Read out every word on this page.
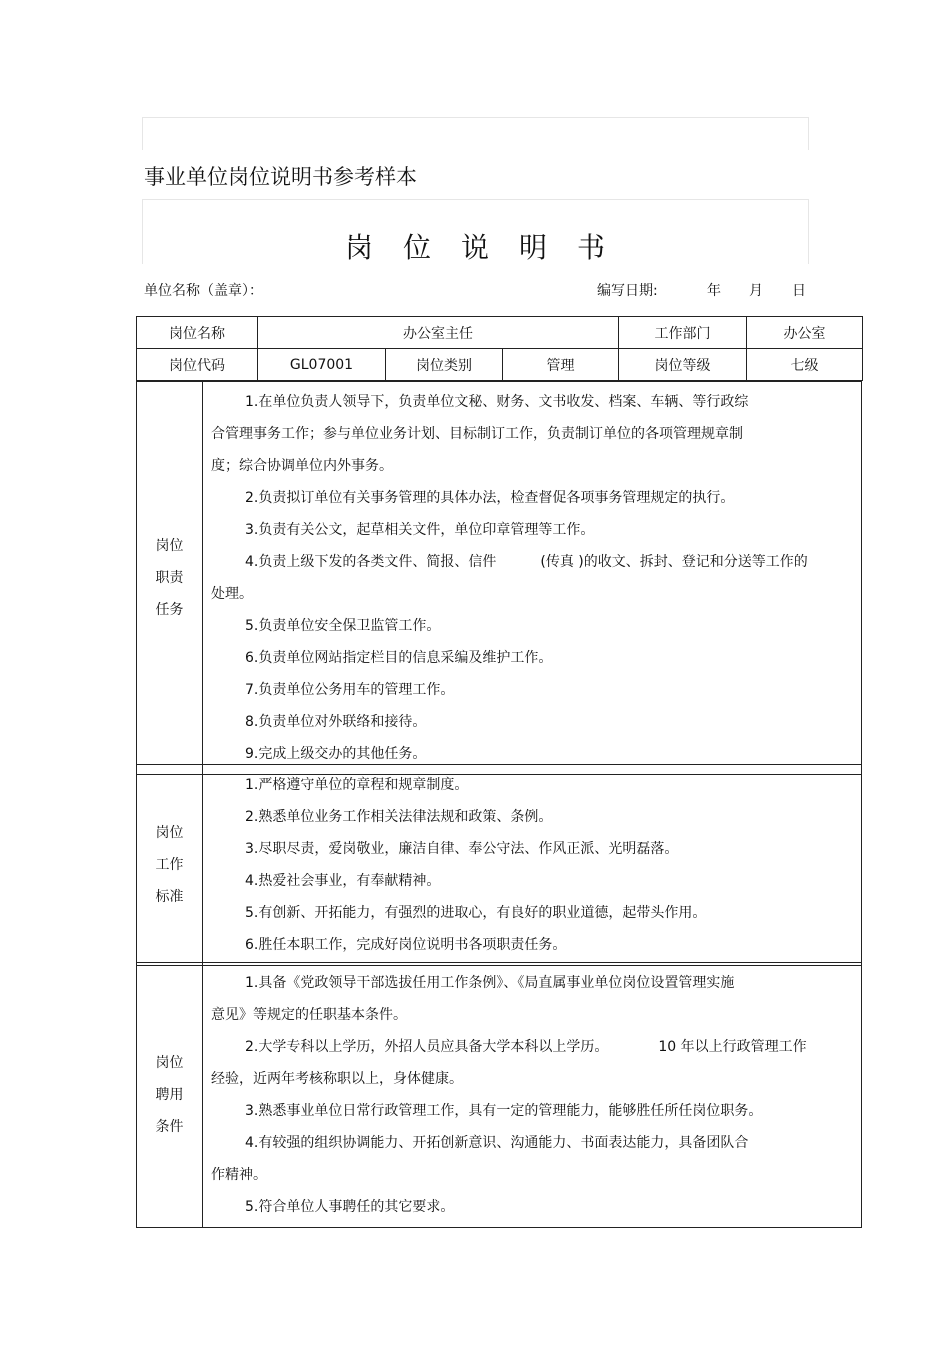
事业单位岗位说明书参考样本
岗位说明书
单位名称（盖章）：	编写日期:	年 月 日
岗位名称	办公室主任			工作部门	办公室
岗位代码	GL07001	岗位类别	管理	岗位等级	七级
岗位
职责
任务

1.在单位负责人领导下，负责单位文秘、财务、文书收发、档案、车辆、等行政综

合管理事务工作；参与单位业务计划、目标制订工作，负责制订单位的各项管理规章制

度；综合协调单位内外事务。

2.负责拟订单位有关事务管理的具体办法，检查督促各项事务管理规定的执行。

3.负责有关公文，起草相关文件，单位印章管理等工作。

4.负责上级下发的各类文件、简报、信件	(传真 )的收文、拆封、登记和分送等工作的

处理。

5.负责单位安全保卫监管工作。

6.负责单位网站指定栏目的信息采编及维护工作。

7.负责单位公务用车的管理工作。

8.负责单位对外联络和接待。

9.完成上级交办的其他任务。

岗位
工作
标准

1.严格遵守单位的章程和规章制度。

2.熟悉单位业务工作相关法律法规和政策、条例。

3.尽职尽责，爱岗敬业，廉洁自律、奉公守法、作风正派、光明磊落。

4.热爱社会事业，有奉献精神。

5.有创新、开拓能力，有强烈的进取心，有良好的职业道德，起带头作用。

6.胜任本职工作，完成好岗位说明书各项职责任务。

岗位
聘用
条件

1.具备《党政领导干部选拔任用工作条例》、《局直属事业单位岗位设置管理实施

意见》等规定的任职基本条件。

2.大学专科以上学历，外招人员应具备大学本科以上学历。	10 年以上行政管理工作

经验，近两年考核称职以上，身体健康。

3.熟悉事业单位日常行政管理工作，具有一定的管理能力，能够胜任所任岗位职务。

4.有较强的组织协调能力、开拓创新意识、沟通能力、书面表达能力，具备团队合

作精神。

5.符合单位人事聘任的其它要求。
